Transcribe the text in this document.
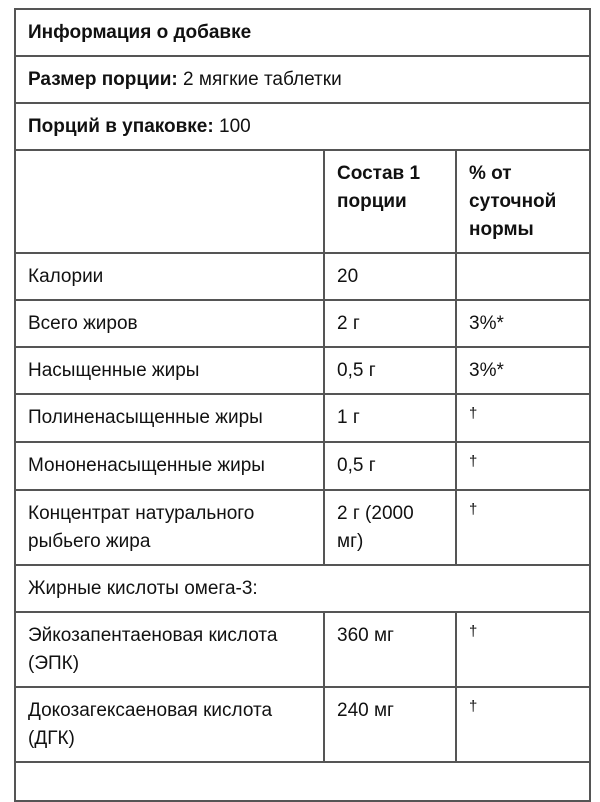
Информация о добавке		
Размер порции: 2 мягкие таблетки		
Порций в упаковке: 100		
	Состав 1 порции	% от суточной нормы
Калории	20	
Всего жиров	2 г	3%*
Насыщенные жиры	0,5 г	3%*
Полиненасыщенные жиры	1 г	†
Мононенасыщенные жиры	0,5 г	†
Концентрат натурального рыбьего жира	2 г (2000 мг)	†
Жирные кислоты омега-3:		
Эйкозапентаеновая кислота (ЭПК)	360 мг	†
Докозагексаеновая кислота (ДГК)	240 мг	†
